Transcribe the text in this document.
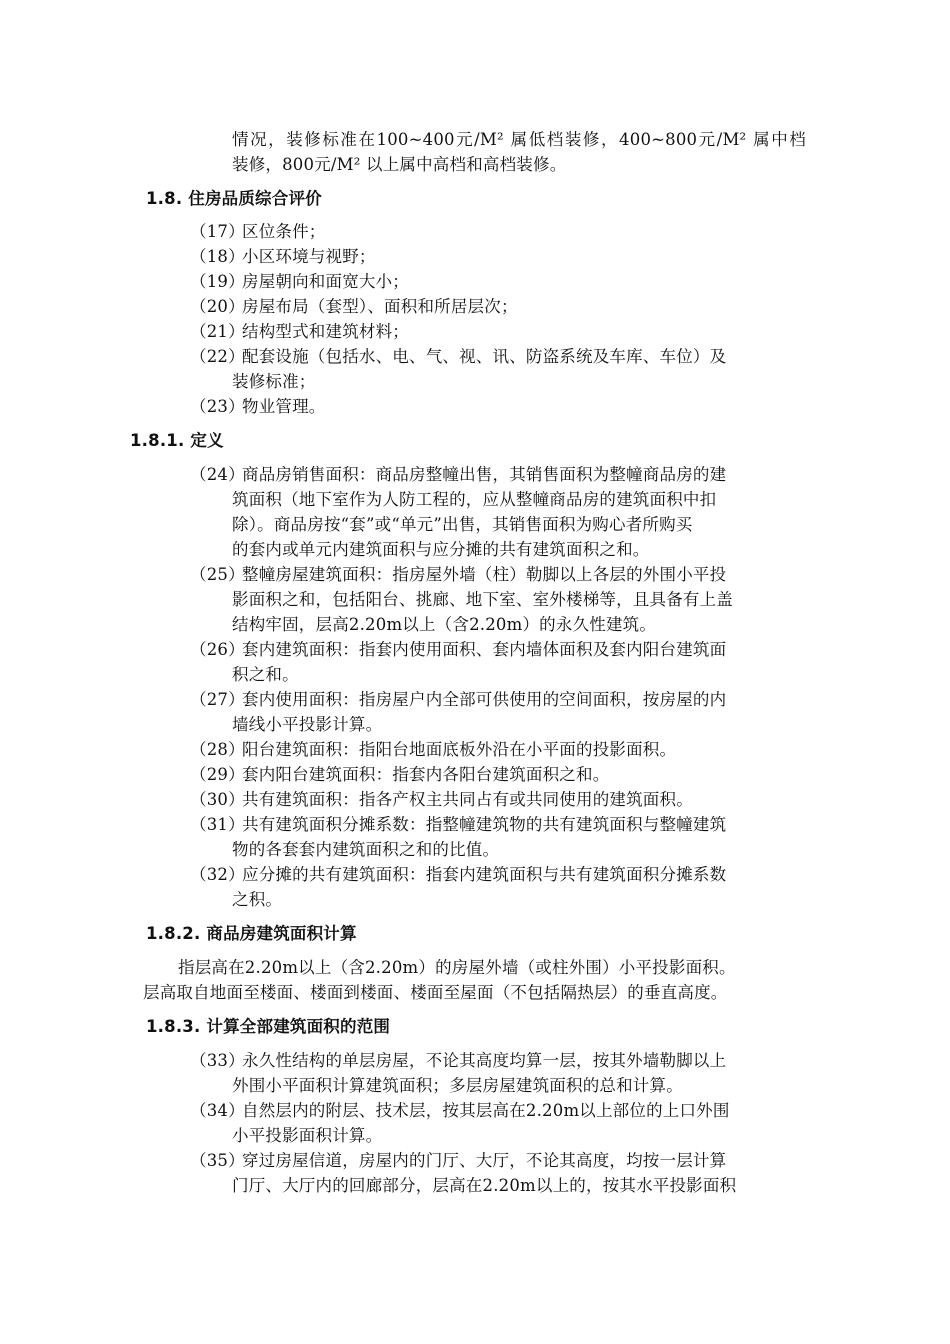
情况，装修标准在100~400元/M² 属低档装修，400~800元/M² 属中档
装修，800元/M² 以上属中高档和高档装修。
1.8. 住房品质综合评价
（17）区位条件；
（18）小区环境与视野；
（19）房屋朝向和面宽大小；
（20）房屋布局（套型）、面积和所居层次；
（21）结构型式和建筑材料；
（22）配套设施（包括水、电、气、视、讯、防盗系统及车库、车位）及
装修标准；
（23）物业管理。
1.8.1. 定义
（24）商品房销售面积：商品房整幢出售，其销售面积为整幢商品房的建
筑面积（地下室作为人防工程的，应从整幢商品房的建筑面积中扣
除）。商品房按“套”或“单元”出售，其销售面积为购心者所购买
的套内或单元内建筑面积与应分摊的共有建筑面积之和。
（25）整幢房屋建筑面积：指房屋外墙（柱）勒脚以上各层的外围小平投
影面积之和，包括阳台、挑廊、地下室、室外楼梯等，且具备有上盖
结构牢固，层高2.20m以上（含2.20m）的永久性建筑。
（26）套内建筑面积：指套内使用面积、套内墙体面积及套内阳台建筑面
积之和。
（27）套内使用面积：指房屋户内全部可供使用的空间面积，按房屋的内
墙线小平投影计算。
（28）阳台建筑面积：指阳台地面底板外沿在小平面的投影面积。
（29）套内阳台建筑面积：指套内各阳台建筑面积之和。
（30）共有建筑面积：指各产权主共同占有或共同使用的建筑面积。
（31）共有建筑面积分摊系数：指整幢建筑物的共有建筑面积与整幢建筑
物的各套套内建筑面积之和的比值。
（32）应分摊的共有建筑面积：指套内建筑面积与共有建筑面积分摊系数
之积。
1.8.2. 商品房建筑面积计算
指层高在2.20m以上（含2.20m）的房屋外墙（或柱外围）小平投影面积。
层高取自地面至楼面、楼面到楼面、楼面至屋面（不包括隔热层）的垂直高度。
1.8.3. 计算全部建筑面积的范围
（33）永久性结构的单层房屋，不论其高度均算一层，按其外墙勒脚以上
外围小平面积计算建筑面积；多层房屋建筑面积的总和计算。
（34）自然层内的附层、技术层，按其层高在2.20m以上部位的上口外围
小平投影面积计算。
（35）穿过房屋信道，房屋内的门厅、大厅，不论其高度，均按一层计算
门厅、大厅内的回廊部分，层高在2.20m以上的，按其水平投影面积
